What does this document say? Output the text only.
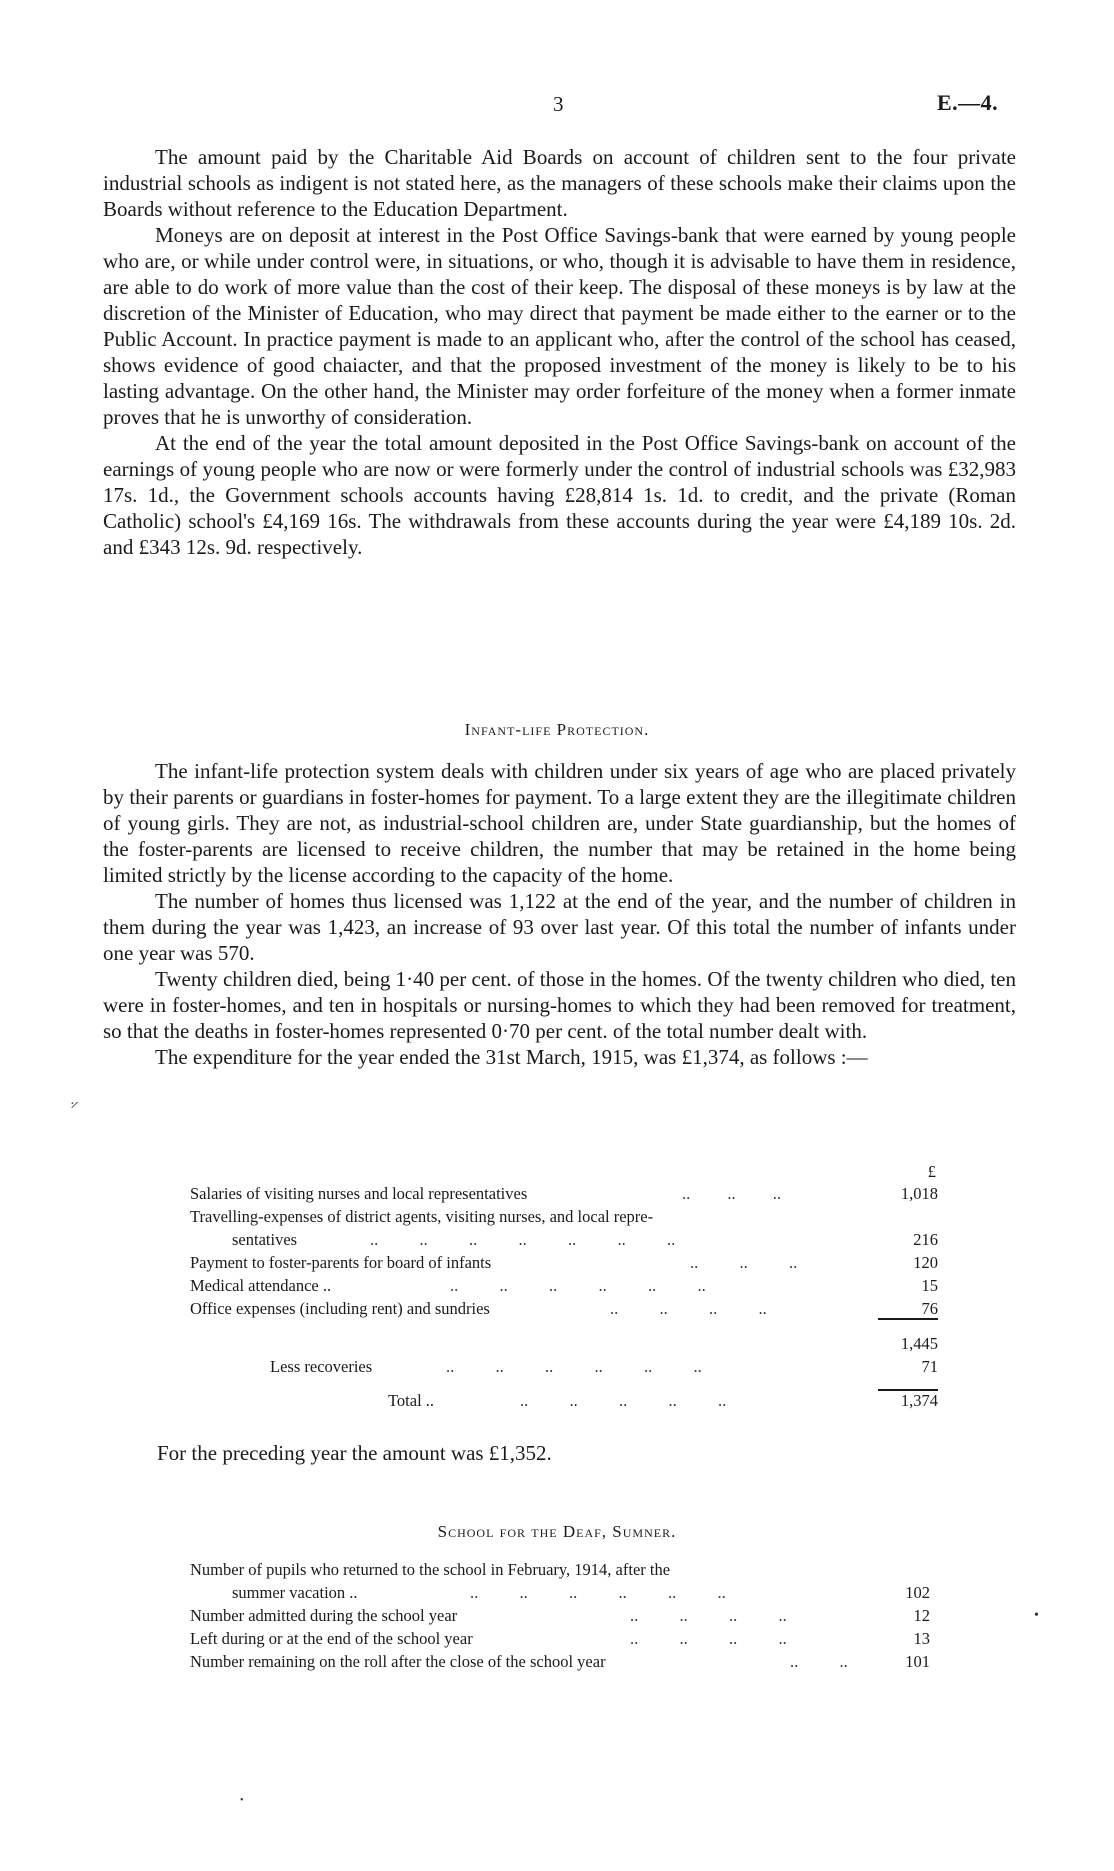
3	E.—4.

The amount paid by the Charitable Aid Boards on account of children sent to the four private industrial schools as indigent is not stated here, as the managers of these schools make their claims upon the Boards without reference to the Education Department.

Moneys are on deposit at interest in the Post Office Savings-bank that were earned by young people who are, or while under control were, in situations, or who, though it is advisable to have them in residence, are able to do work of more value than the cost of their keep. The disposal of these moneys is by law at the discretion of the Minister of Education, who may direct that payment be made either to the earner or to the Public Account. In practice payment is made to an applicant who, after the control of the school has ceased, shows evidence of good chaiacter, and that the proposed investment of the money is likely to be to his lasting advantage. On the other hand, the Minister may order forfeiture of the money when a former inmate proves that he is unworthy of consideration.

At the end of the year the total amount deposited in the Post Office Savings-bank on account of the earnings of young people who are now or were formerly under the control of industrial schools was £32,983 17s. 1d., the Government schools accounts having £28,814 1s. 1d. to credit, and the private (Roman Catholic) school's £4,169 16s. The withdrawals from these accounts during the year were £4,189 10s. 2d. and £343 12s. 9d. respectively.

Infant-life Protection.

The infant-life protection system deals with children under six years of age who are placed privately by their parents or guardians in foster-homes for payment. To a large extent they are the illegitimate children of young girls. They are not, as industrial-school children are, under State guardianship, but the homes of the foster-parents are licensed to receive children, the number that may be retained in the home being limited strictly by the license according to the capacity of the home.

The number of homes thus licensed was 1,122 at the end of the year, and the number of children in them during the year was 1,423, an increase of 93 over last year. Of this total the number of infants under one year was 570.

Twenty children died, being 1·40 per cent. of those in the homes. Of the twenty children who died, ten were in foster-homes, and ten in hospitals or nursing-homes to which they had been removed for treatment, so that the deaths in foster-homes represented 0·70 per cent. of the total number dealt with.

The expenditure for the year ended the 31st March, 1915, was £1,374, as follows :—

·̷
£
Salaries of visiting nurses and local representatives	..         ..         ..	1,018
Travelling-expenses of district agents, visiting nurses, and local repre-
sentatives	..          ..          ..          ..          ..          ..          ..	216
Payment to foster-parents for board of infants	..          ..          ..	120
Medical attendance ..	..          ..          ..          ..          ..          ..	15
Office expenses (including rent) and sundries	..          ..          ..          ..	76
1,445
Less recoveries	..          ..          ..          ..          ..          ..	71
Total ..	..          ..          ..          ..          ..	1,374
For the preceding year the amount was £1,352.
School for the Deaf, Sumner.
Number of pupils who returned to the school in February, 1914, after the
summer vacation ..	..          ..          ..          ..          ..          ..	102
Number admitted during the school year	..          ..          ..          ..	12
Left during or at the end of the school year	..          ..          ..          ..	13
Number remaining on the roll after the close of the school year	..          ..	101
•
•
